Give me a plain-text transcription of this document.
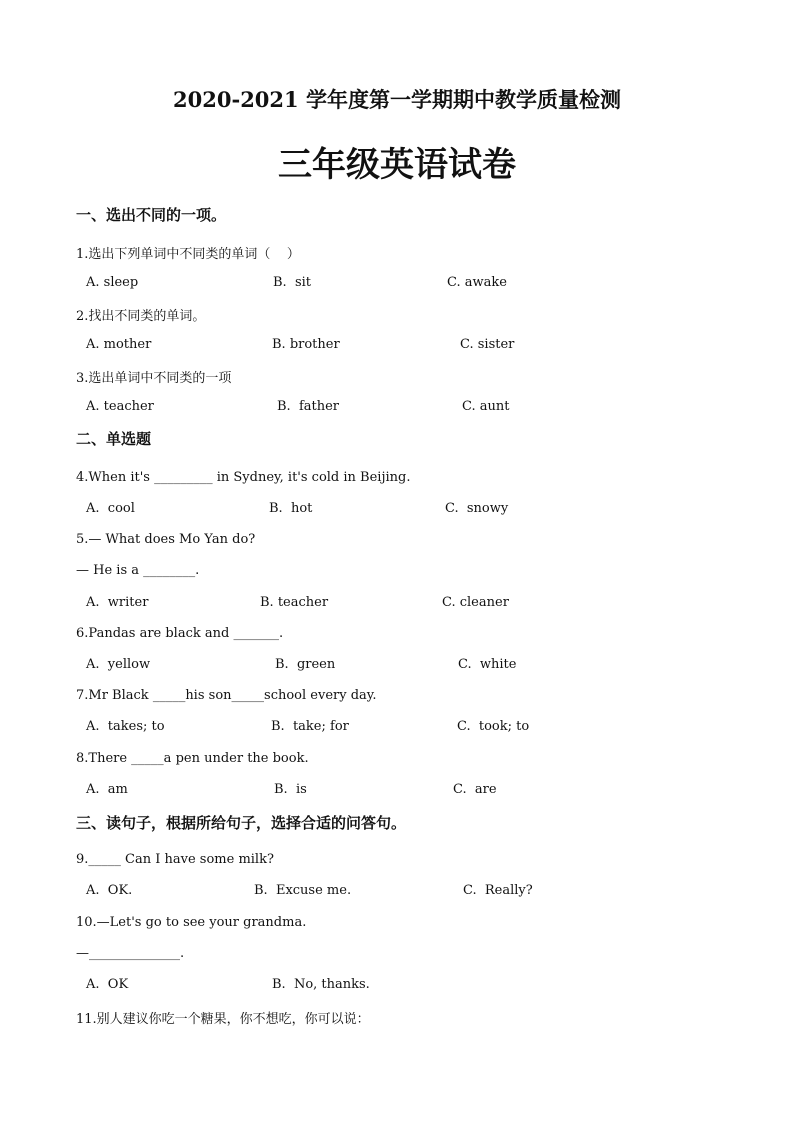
2020-2021 学年度第一学期期中教学质量检测
三年级英语试卷
一、选出不同的一项。
1.选出下列单词中不同类的单词（    ）
A. sleep	B.  sit	C. awake
2.找出不同类的单词。
A. mother	B. brother	C. sister
3.选出单词中不同类的一项
A. teacher	B.  father	C. aunt
二、单选题
4.When it's _________ in Sydney, it's cold in Beijing.
A.  cool	B.  hot	C.  snowy
5.— What does Mo Yan do?
— He is a ________.
A.  writer	B. teacher	C. cleaner
6.Pandas are black and _______.
A.  yellow	B.  green	C.  white
7.Mr Black _____his son_____school every day.
A.  takes; to	B.  take; for	C.  took; to
8.There _____a pen under the book.
A.  am	B.  is	C.  are
三、读句子，根据所给句子，选择合适的问答句。
9._____ Can I have some milk?
A.  OK.	B.  Excuse me.	C.  Really?
10.—Let's go to see your grandma.
—______________.
A.  OK	B.  No, thanks.
11.别人建议你吃一个糖果，你不想吃，你可以说：
